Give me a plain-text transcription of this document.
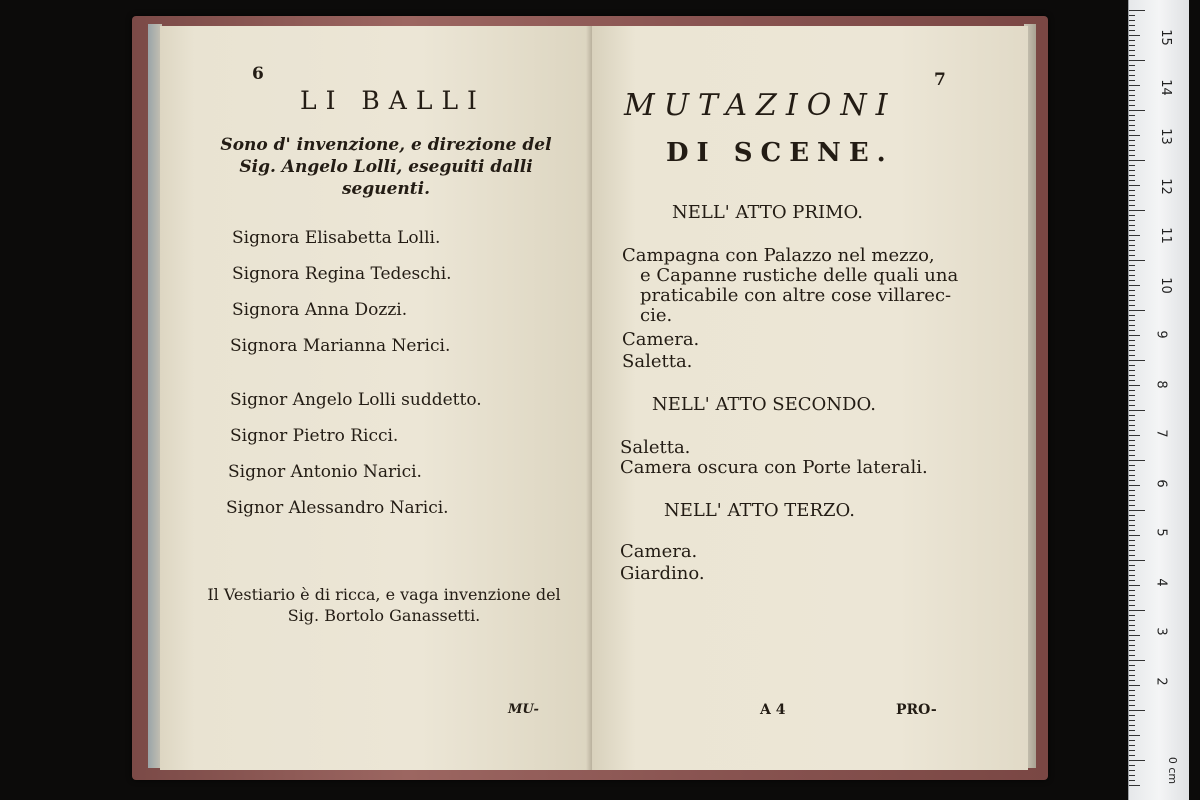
6
LI BALLI
Sono d' invenzione, e direzione del Sig. Angelo Lolli, eseguiti dalli seguenti.
Signora Elisabetta Lolli.
Signora Regina Tedeschi.
Signora Anna Dozzi.
Signora Marianna Nerici.
Signor Angelo Lolli suddetto.
Signor Pietro Ricci.
Signor Antonio Narici.
Signor Alessandro Narici.
Il Vestiario è di ricca, e vaga invenzione del Sig. Bortolo Ganassetti.
MU-
7
MUTAZIONI
DI SCENE.
NELL' ATTO PRIMO.
Campagna con Palazzo nel mezzo,
e Capanne rustiche delle quali una
praticabile con altre cose villarec-
cie.
Camera.
Saletta.
NELL' ATTO SECONDO.
Saletta.
Camera oscura con Porte laterali.
NELL' ATTO TERZO.
Camera.
Giardino.
A 4	PRO-
0 cm
15
14
13
12
11
10
9
8
7
6
5
4
3
2
